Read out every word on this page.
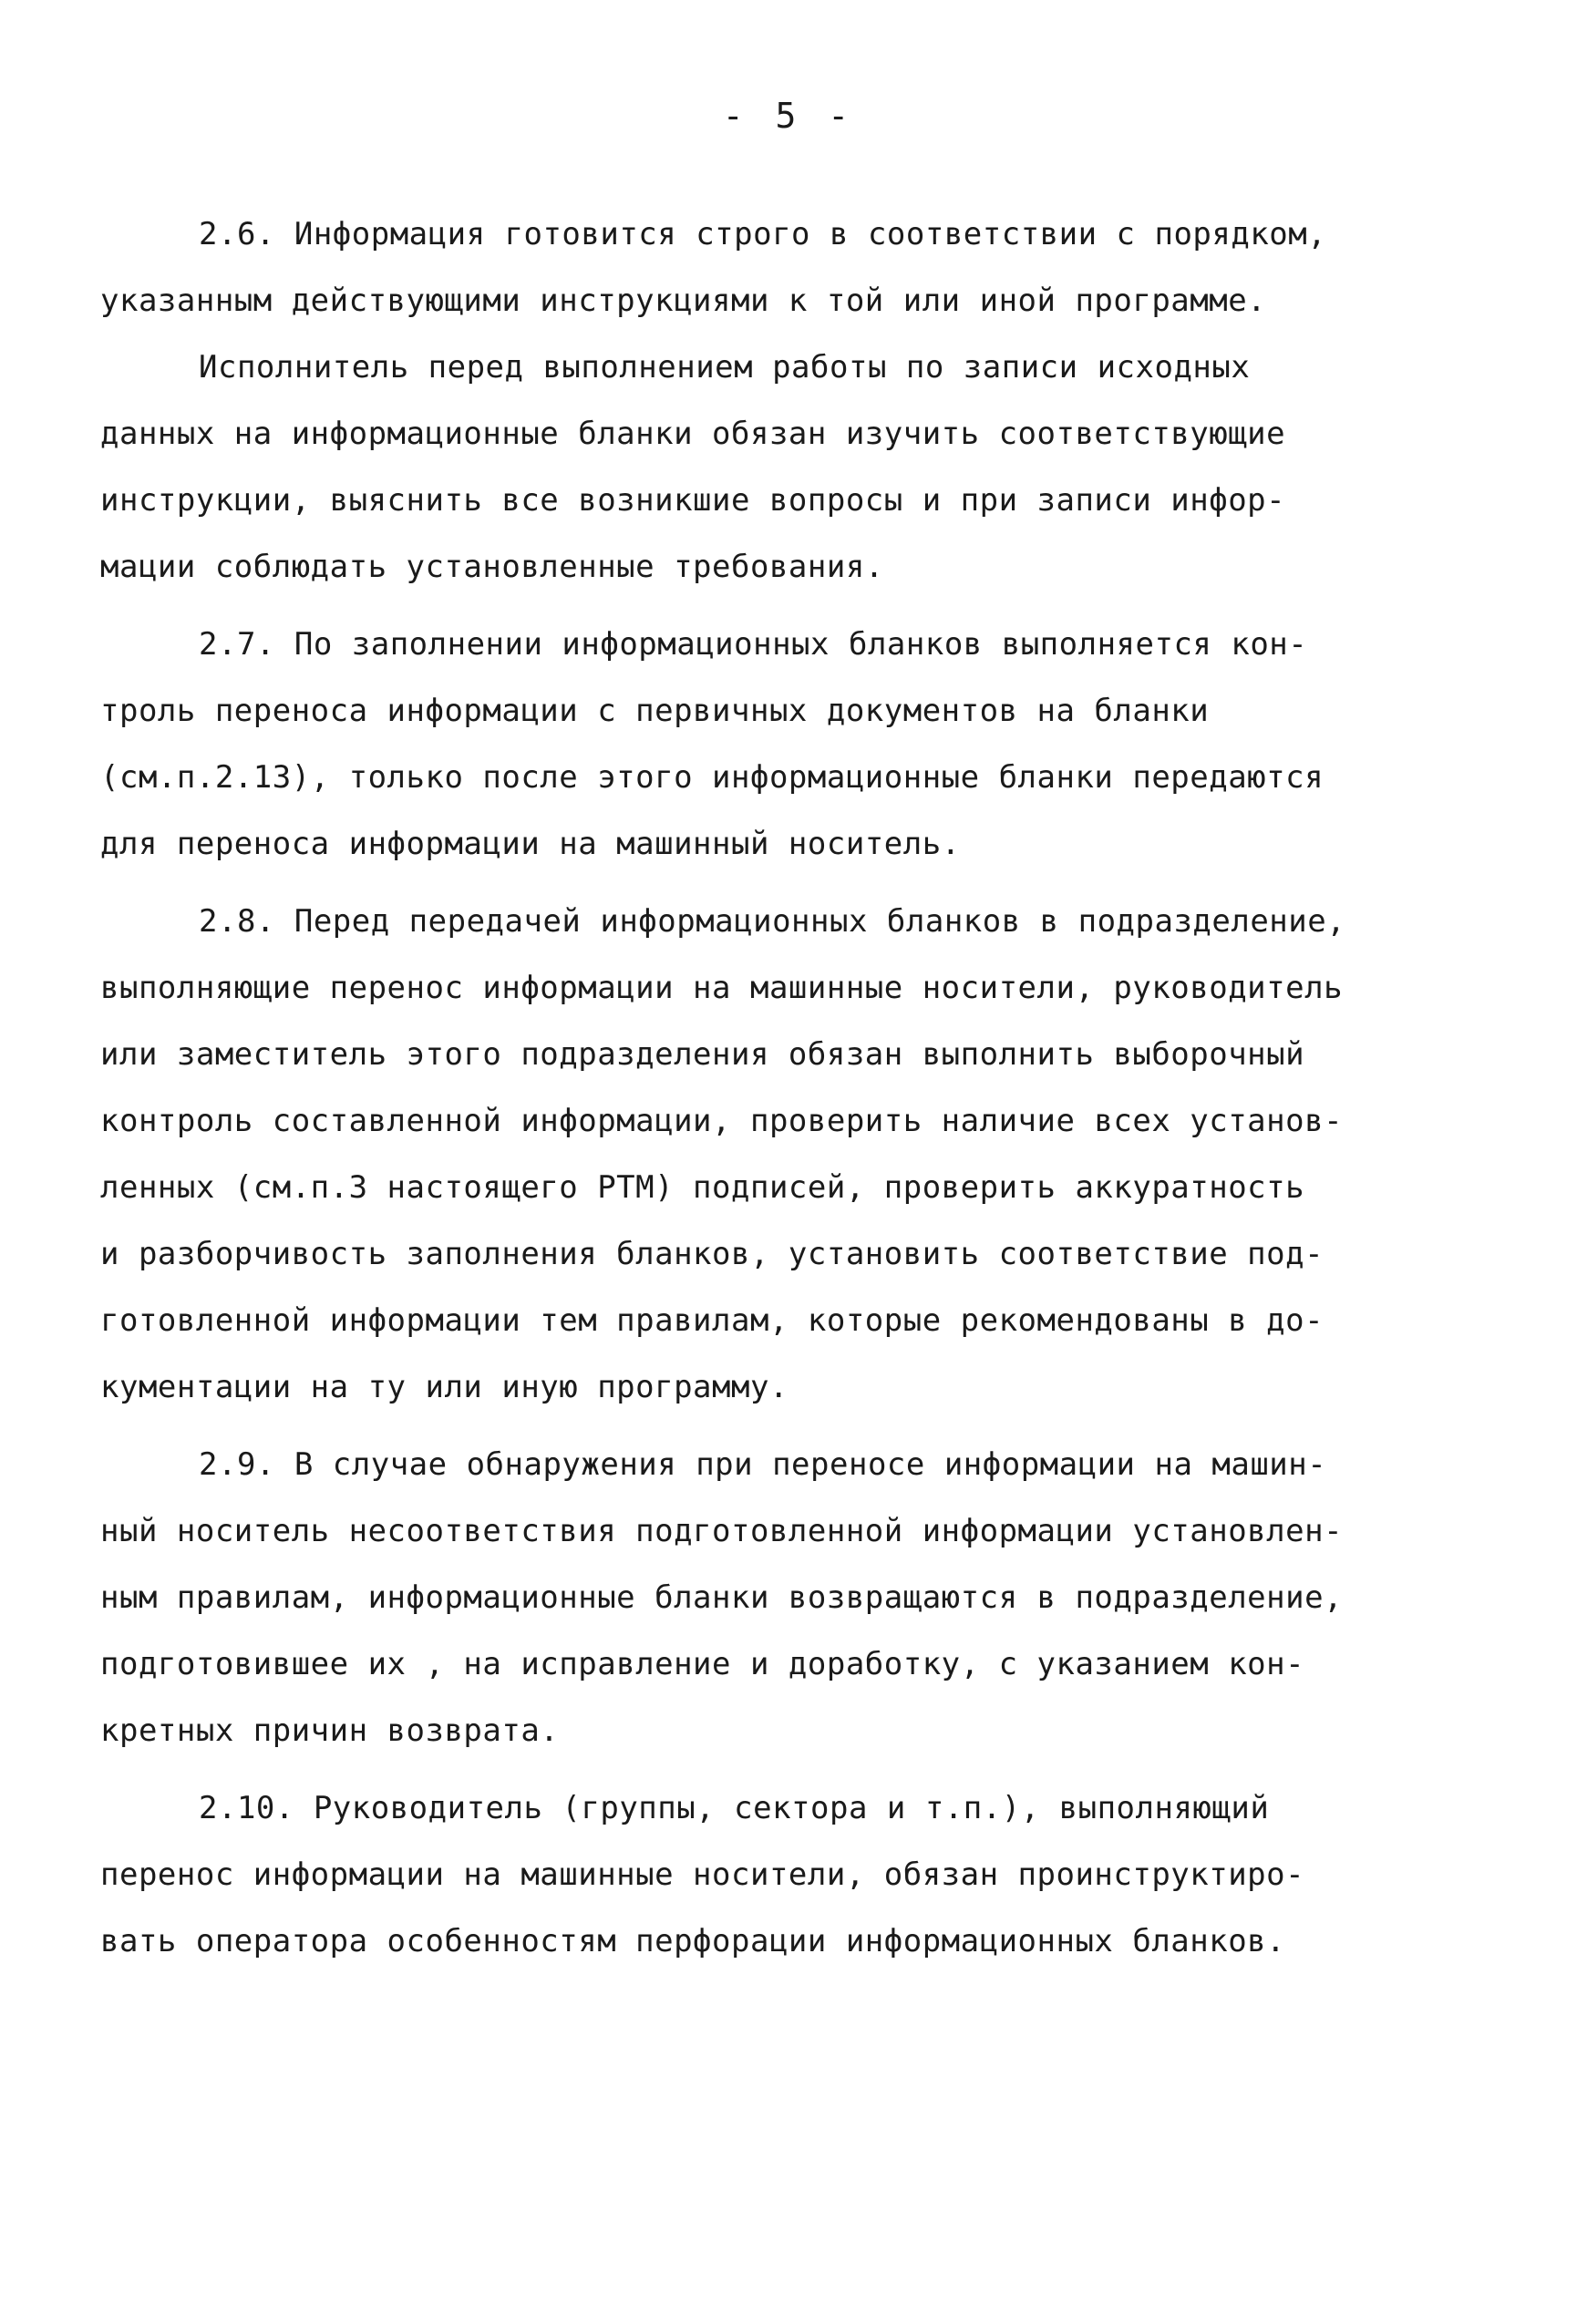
- 5 -
2.6. Информация готовится строго в соответствии с порядком,
указанным действующими инструкциями к той или иной программе.
Исполнитель перед выполнением работы по записи исходных
данных на информационные бланки обязан изучить соответствующие
инструкции, выяснить все возникшие вопросы и при записи инфор-
мации соблюдать установленные требования.
2.7. По заполнении информационных бланков выполняется кон-
троль переноса информации с первичных документов на бланки
(см.п.2.13), только после этого информационные бланки передаются
для переноса информации на машинный носитель.
2.8. Перед передачей информационных бланков в подразделение,
выполняющие перенос информации на машинные носители, руководитель
или заместитель этого подразделения обязан выполнить выборочный
контроль составленной информации, проверить наличие всех установ-
ленных (см.п.3 настоящего РТМ) подписей, проверить аккуратность
и разборчивость заполнения бланков, установить соответствие под-
готовленной информации тем правилам, которые рекомендованы в до-
кументации на ту или иную программу.
2.9. В случае обнаружения при переносе информации на машин-
ный носитель несоответствия подготовленной информации установлен-
ным правилам, информационные бланки возвращаются в подразделение,
подготовившее их , на исправление и доработку, с указанием кон-
кретных причин возврата.
2.10. Руководитель (группы, сектора и т.п.), выполняющий
перенос информации на машинные носители, обязан проинструктиро-
вать оператора особенностям перфорации информационных бланков.
